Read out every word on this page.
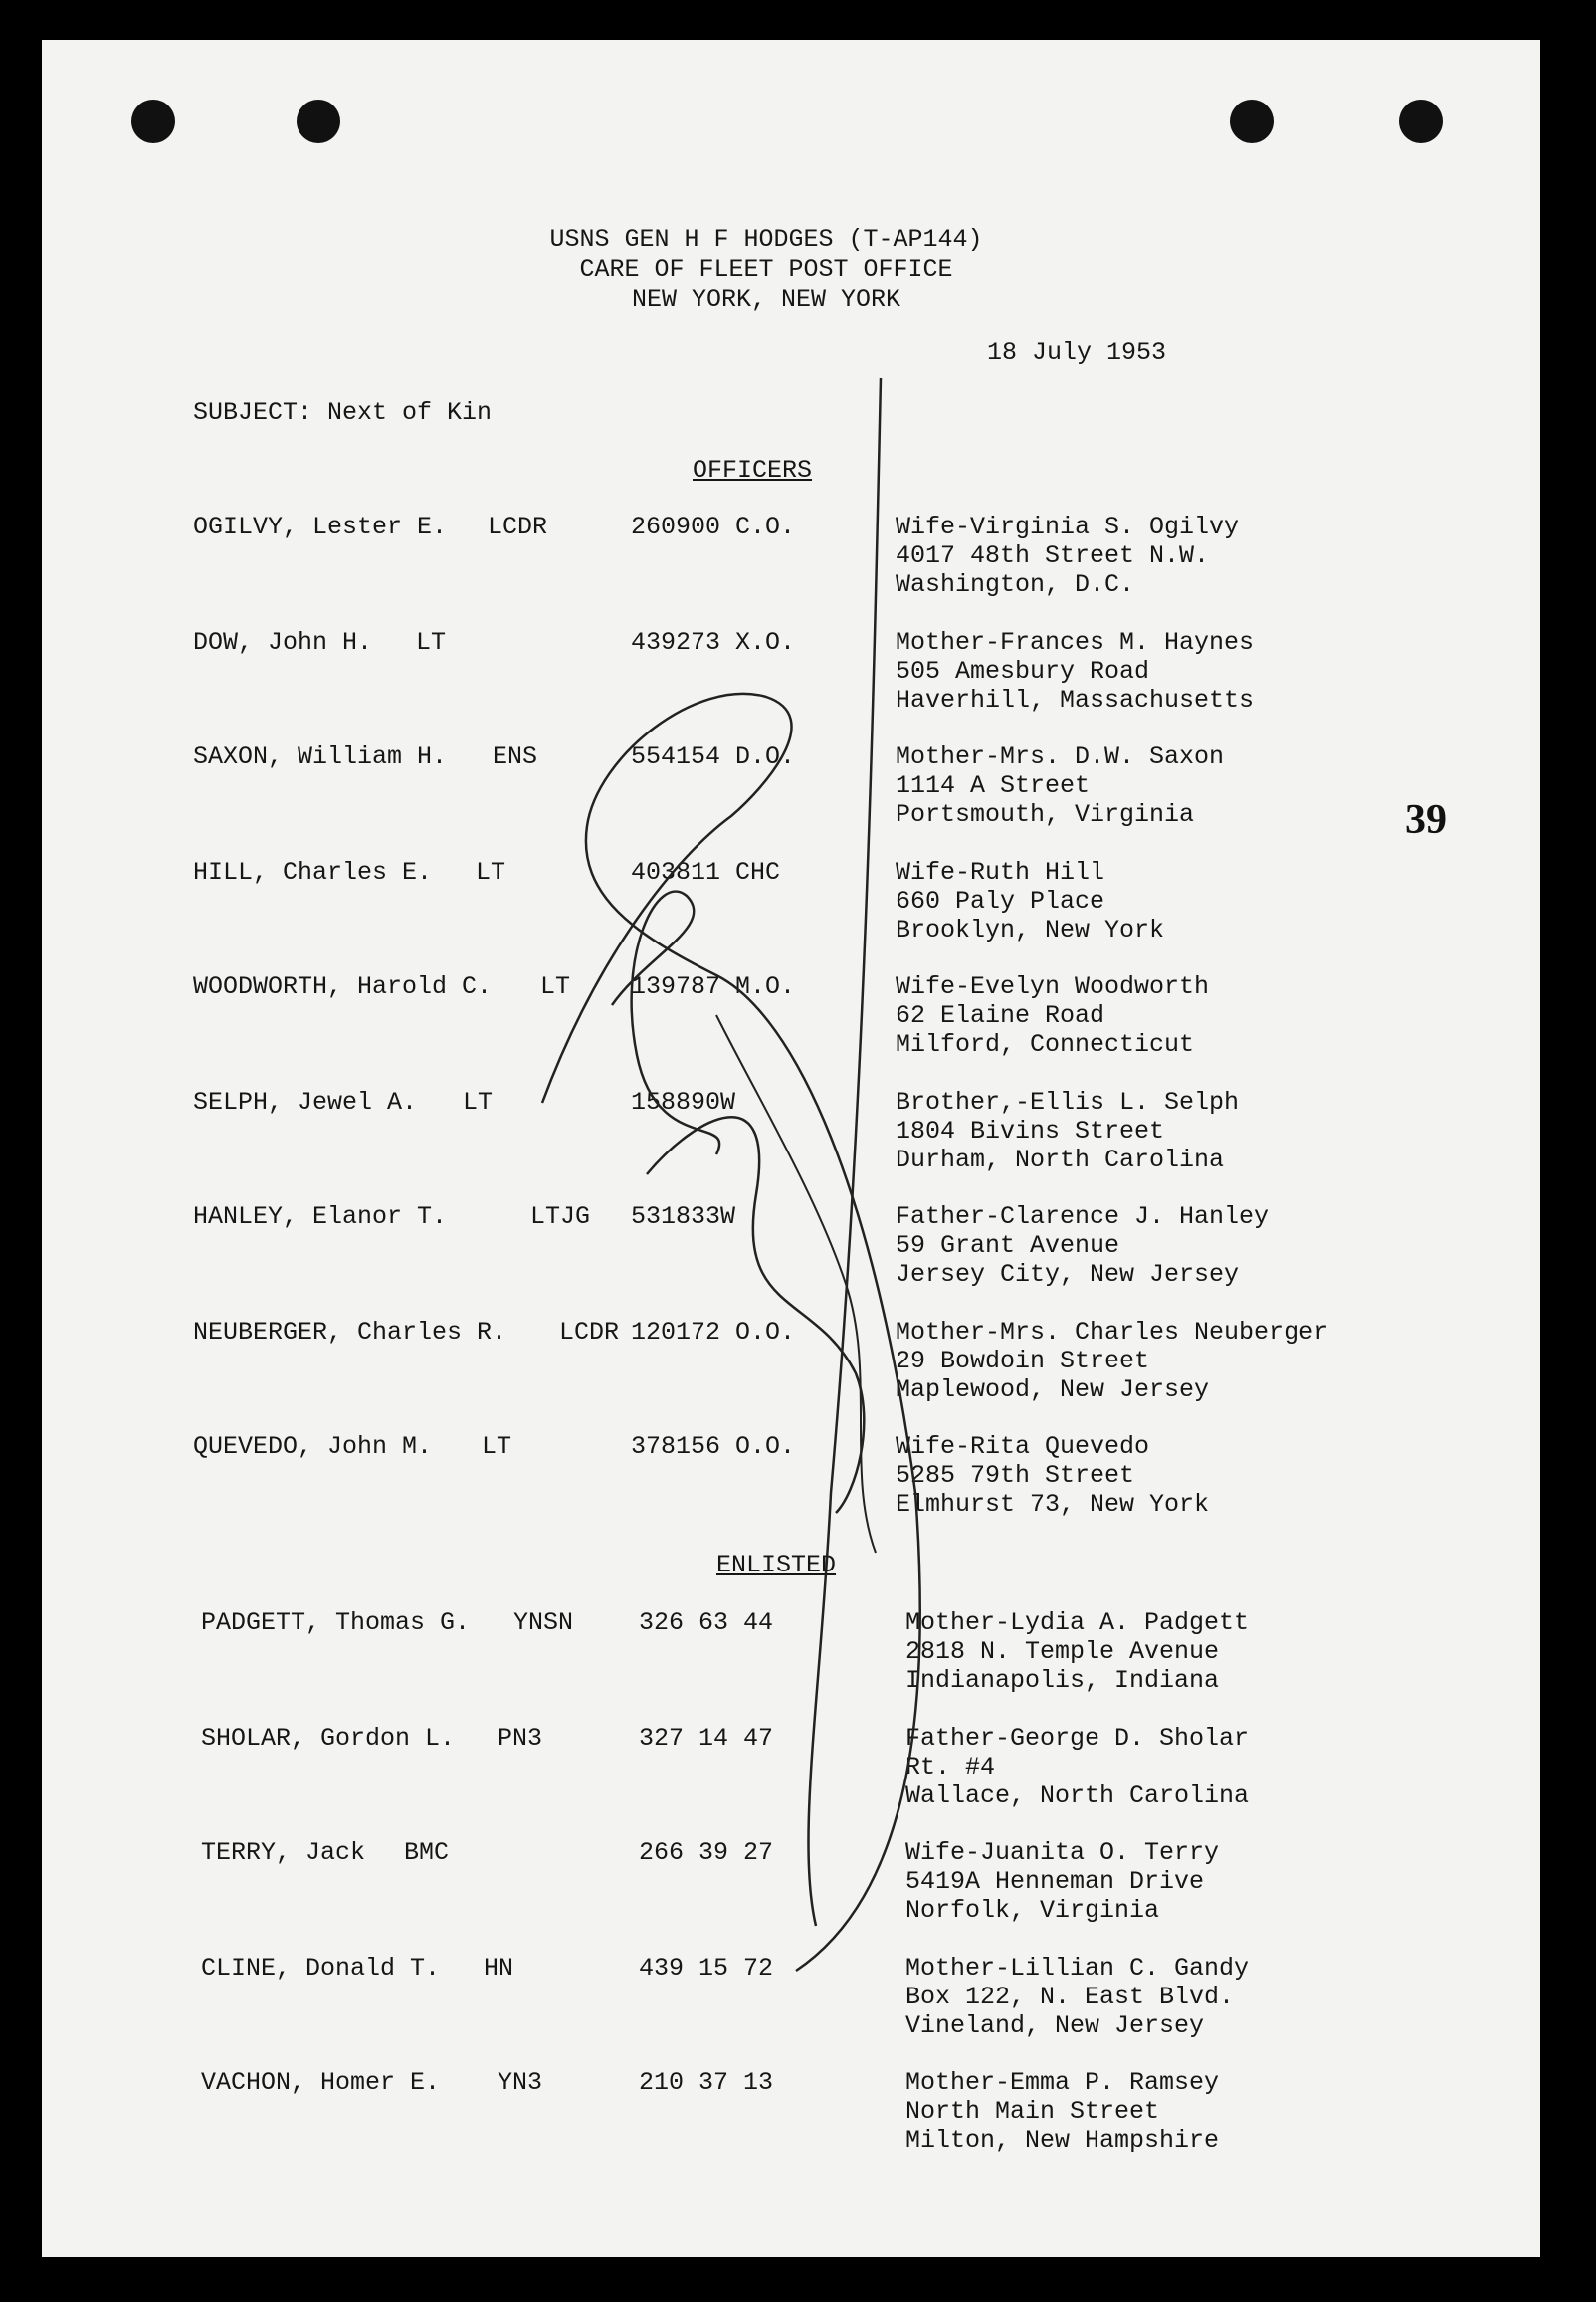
USNS GEN H F HODGES (T-AP144)
CARE OF FLEET POST OFFICE
NEW YORK, NEW YORK
18 July 1953
SUBJECT: Next of Kin
OFFICERS
ENLISTED
39
OGILVY, Lester E. LCDR	260900 C.O.	Wife-Virginia S. Ogilvy
4017 48th Street N.W.
Washington, D.C.
DOW, John H. LT	439273 X.O.	Mother-Frances M. Haynes
505 Amesbury Road
Haverhill, Massachusetts
SAXON, William H. ENS	554154 D.O.	Mother-Mrs. D.W. Saxon
1114 A Street
Portsmouth, Virginia
HILL, Charles E. LT	403811 CHC	Wife-Ruth Hill
660 Paly Place
Brooklyn, New York
WOODWORTH, Harold C. LT 139787 M.O.	Wife-Evelyn Woodworth
62 Elaine Road
Milford, Connecticut
SELPH, Jewel A. LT	158890W	Brother,-Ellis L. Selph
1804 Bivins Street
Durham, North Carolina
HANLEY, Elanor T.	LTJG 531833W	Father-Clarence J. Hanley
59 Grant Avenue
Jersey City, New Jersey
NEUBERGER, Charles R. LCDR 120172 O.O.	Mother-Mrs. Charles Neuberger
29 Bowdoin Street
Maplewood, New Jersey
QUEVEDO, John M. LT	378156 O.O.	Wife-Rita Quevedo
5285 79th Street
Elmhurst 73, New York
PADGETT, Thomas G. YNSN	326 63 44	Mother-Lydia A. Padgett
2818 N. Temple Avenue
Indianapolis, Indiana
SHOLAR, Gordon L. PN3	327 14 47	Father-George D. Sholar
Rt. #4
Wallace, North Carolina
TERRY, Jack BMC	266 39 27	Wife-Juanita O. Terry
5419A Henneman Drive
Norfolk, Virginia
CLINE, Donald T. HN	439 15 72	Mother-Lillian C. Gandy
Box 122, N. East Blvd.
Vineland, New Jersey
VACHON, Homer E. YN3	210 37 13	Mother-Emma P. Ramsey
North Main Street
Milton, New Hampshire
